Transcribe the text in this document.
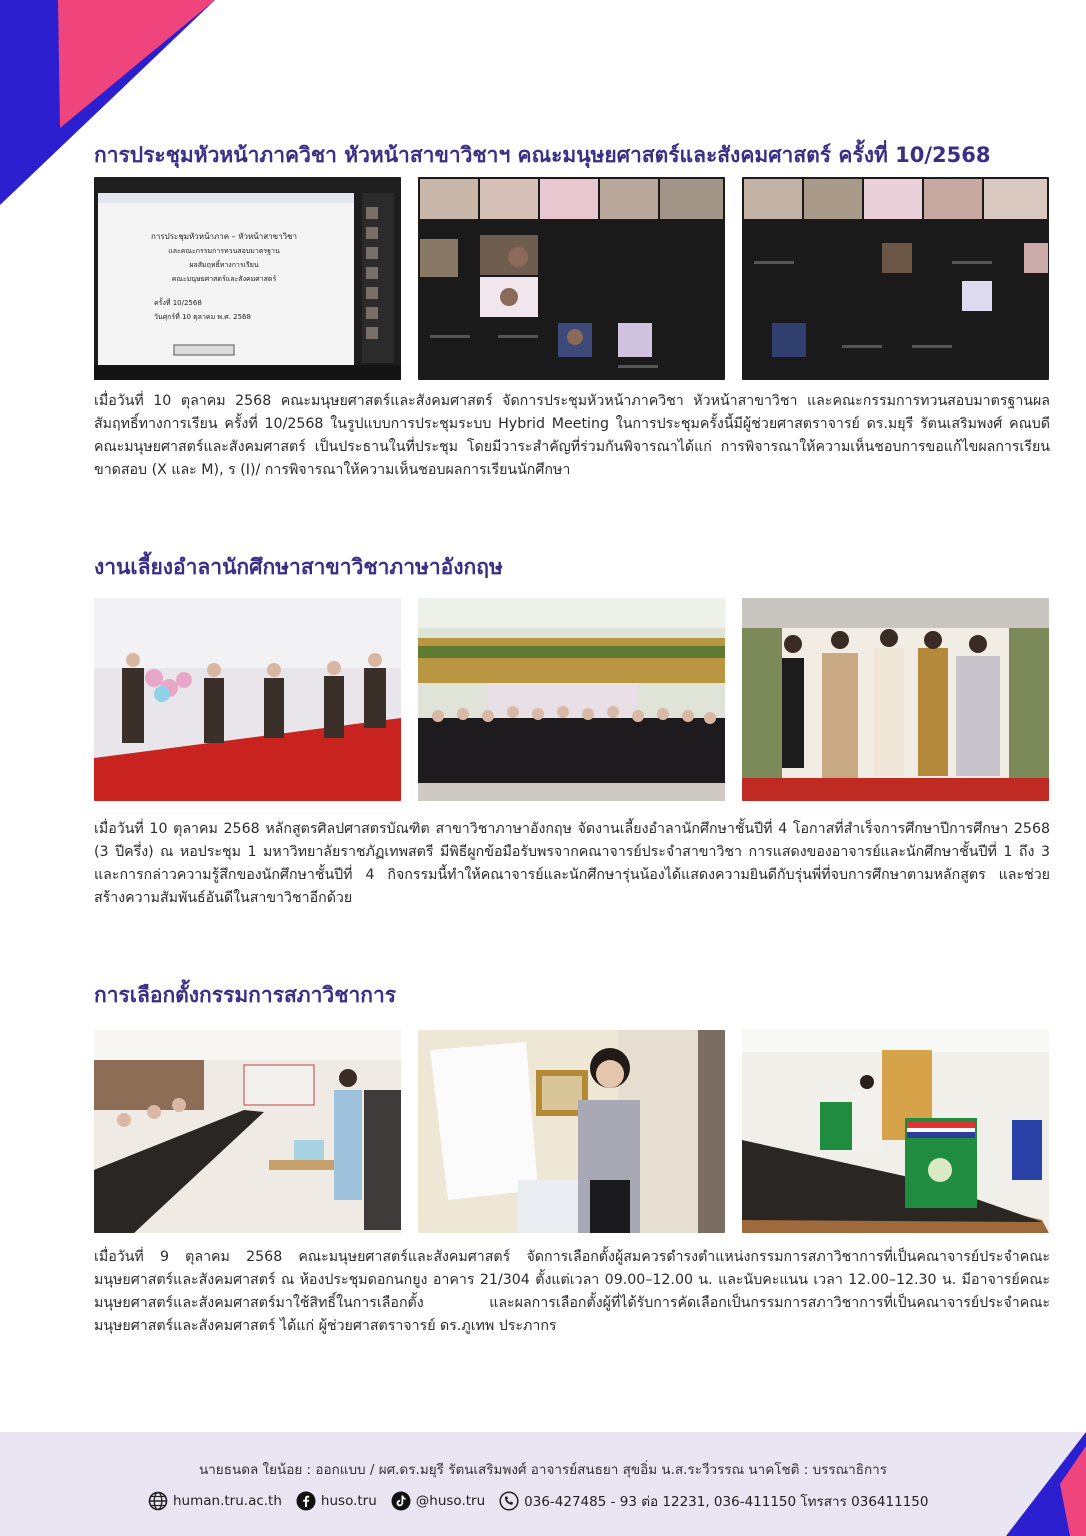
การประชุมหัวหน้าภาควิชา หัวหน้าสาขาวิชาฯ คณะมนุษยศาสตร์และสังคมศาสตร์ ครั้งที่ 10/2568
การประชุมหัวหน้าภาค – หัวหน้าสาขาวิชา
และคณะกรรมการทวนสอบมาตรฐาน
ผลสัมฤทธิ์ทางการเรียน
คณะมนุษยศาสตร์และสังคมศาสตร์
ครั้งที่ 10/2568
วันศุกร์ที่ 10 ตุลาคม พ.ศ. 2568
เมื่อวันที่ 10 ตุลาคม 2568 คณะมนุษยศาสตร์และสังคมศาสตร์ จัดการประชุมหัวหน้าภาควิชา หัวหน้าสาขาวิชา และคณะกรรมการทวนสอบมาตรฐานผลสัมฤทธิ์ทางการเรียน ครั้งที่ 10/2568 ในรูปแบบการประชุมระบบ Hybrid Meeting ในการประชุมครั้งนี้มีผู้ช่วยศาสตราจารย์ ดร.มยุรี รัตนเสริมพงศ์ คณบดีคณะมนุษยศาสตร์และสังคมศาสตร์ เป็นประธานในที่ประชุม โดยมีวาระสำคัญที่ร่วมกันพิจารณาได้แก่ การพิจารณาให้ความเห็นชอบการขอแก้ไขผลการเรียน ขาดสอบ (X และ M), ร (I)/ การพิจารณาให้ความเห็นชอบผลการเรียนนักศึกษา
งานเลี้ยงอำลานักศึกษาสาขาวิชาภาษาอังกฤษ
เมื่อวันที่ 10 ตุลาคม 2568 หลักสูตรศิลปศาสตรบัณฑิต สาขาวิชาภาษาอังกฤษ จัดงานเลี้ยงอำลานักศึกษาชั้นปีที่ 4 โอกาสที่สำเร็จการศึกษาปีการศึกษา 2568 (3 ปีครึ่ง) ณ หอประชุม 1 มหาวิทยาลัยราชภัฏเทพสตรี มีพิธีผูกข้อมือรับพรจากคณาจารย์ประจำสาขาวิชา การแสดงของอาจารย์และนักศึกษาชั้นปีที่ 1 ถึง 3 และการกล่าวความรู้สึกของนักศึกษาชั้นปีที่ 4 กิจกรรมนี้ทำให้คณาจารย์และนักศึกษารุ่นน้องได้แสดงความยินดีกับรุ่นพี่ที่จบการศึกษาตามหลักสูตร และช่วยสร้างความสัมพันธ์อันดีในสาขาวิชาอีกด้วย
การเลือกตั้งกรรมการสภาวิชาการ
เมื่อวันที่ 9 ตุลาคม 2568 คณะมนุษยศาสตร์และสังคมศาสตร์ จัดการเลือกตั้งผู้สมควรดำรงตำแหน่งกรรมการสภาวิชาการที่เป็นคณาจารย์ประจำคณะมนุษยศาสตร์และสังคมศาสตร์ ณ ห้องประชุมดอกนกยูง อาคาร 21/304 ตั้งแต่เวลา 09.00–12.00 น. และนับคะแนน เวลา 12.00–12.30 น. มีอาจารย์คณะมนุษยศาสตร์และสังคมศาสตร์มาใช้สิทธิ์ในการเลือกตั้ง และผลการเลือกตั้งผู้ที่ได้รับการคัดเลือกเป็นกรรมการสภาวิชาการที่เป็นคณาจารย์ประจำคณะมนุษยศาสตร์และสังคมศาสตร์ ได้แก่ ผู้ช่วยศาสตราจารย์ ดร.ภูเทพ ประภากร
นายธนดล ใยน้อย : ออกแบบ / ผศ.ดร.มยุรี รัตนเสริมพงศ์ อาจารย์สนธยา สุขอิ่ม น.ส.ระวีวรรณ นาคโชติ : บรรณาธิการ
human.tru.ac.th	huso.tru	@huso.tru	036-427485 - 93 ต่อ 12231, 036-411150 โทรสาร 036411150
